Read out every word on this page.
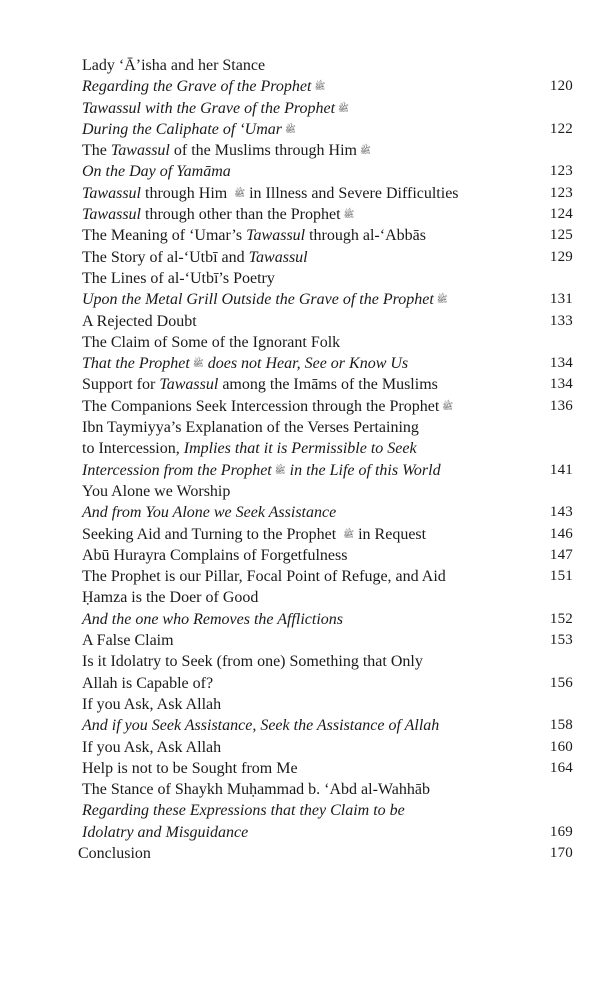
Lady ‘Ā’isha and her Stance
Regarding the Grave of the Prophet ﷺ	120
Tawassul with the Grave of the Prophet ﷺ
During the Caliphate of ‘Umar ﷺ	122
The Tawassul of the Muslims through Him ﷺ
On the Day of Yamāma	123
Tawassul through Him ﷺ in Illness and Severe Difficulties	123
Tawassul through other than the Prophet ﷺ	124
The Meaning of ‘Umar’s Tawassul through al-‘Abbās	125
The Story of al-‘Utbī and Tawassul	129
The Lines of al-‘Utbī’s Poetry
Upon the Metal Grill Outside the Grave of the Prophet ﷺ	131
A Rejected Doubt	133
The Claim of Some of the Ignorant Folk
That the Prophet ﷺ does not Hear, See or Know Us	134
Support for Tawassul among the Imāms of the Muslims	134
The Companions Seek Intercession through the Prophet ﷺ	136
Ibn Taymiyya’s Explanation of the Verses Pertaining
to Intercession, Implies that it is Permissible to Seek
Intercession from the Prophet ﷺ in the Life of this World	141
You Alone we Worship
And from You Alone we Seek Assistance	143
Seeking Aid and Turning to the Prophet ﷺ in Request	146
Abū Hurayra Complains of Forgetfulness	147
The Prophet is our Pillar, Focal Point of Refuge, and Aid	151
Ḥamza is the Doer of Good
And the one who Removes the Afflictions	152
A False Claim	153
Is it Idolatry to Seek (from one) Something that Only
Allah is Capable of?	156
If you Ask, Ask Allah
And if you Seek Assistance, Seek the Assistance of Allah	158
If you Ask, Ask Allah	160
Help is not to be Sought from Me	164
The Stance of Shaykh Muḥammad b. ‘Abd al-Wahhāb
Regarding these Expressions that they Claim to be
Idolatry and Misguidance	169
Conclusion	170
